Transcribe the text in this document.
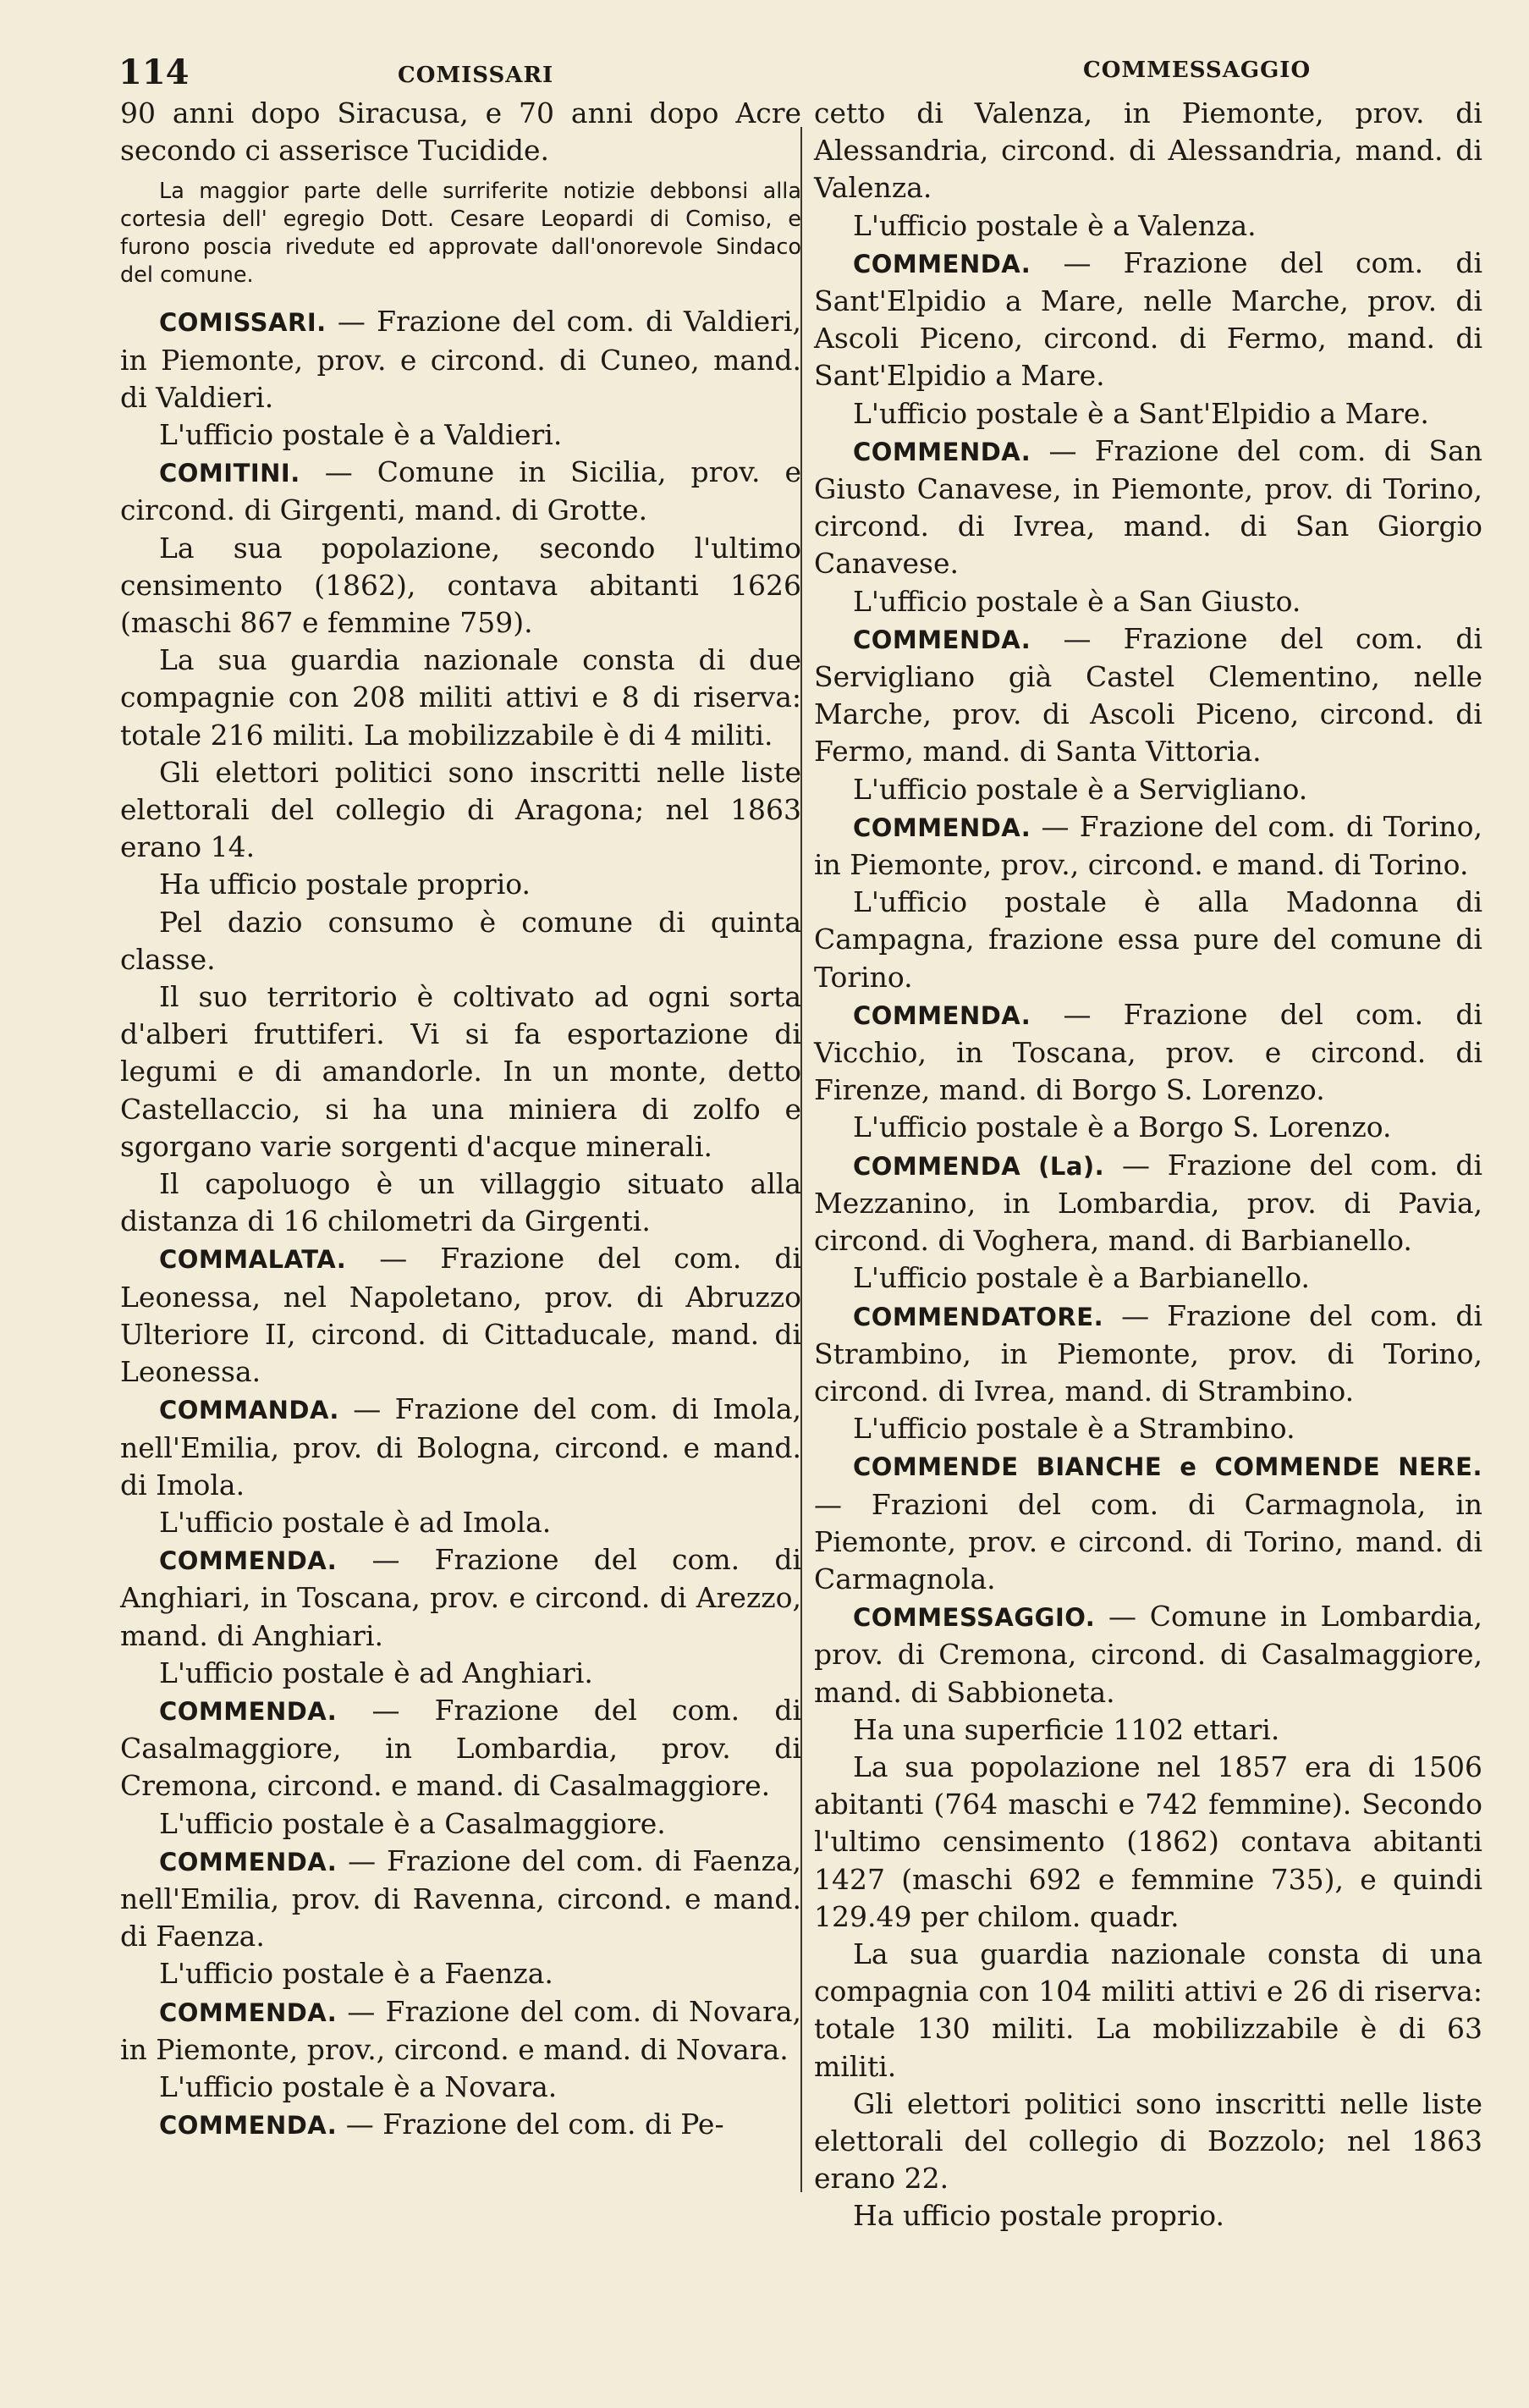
114	COMISSARI	COMMESSAGGIO

90 anni dopo Siracusa, e 70 anni dopo Acre secondo ci asserisce Tucidide.

La maggior parte delle surriferite notizie debbonsi alla cortesia dell' egregio Dott. Cesare Leopardi di Comiso, e furono poscia rivedute ed approvate dall'onorevole Sindaco del comune.

COMISSARI. — Frazione del com. di Valdieri, in Piemonte, prov. e circond. di Cuneo, mand. di Valdieri.

L'ufficio postale è a Valdieri.

COMITINI. — Comune in Sicilia, prov. e circond. di Girgenti, mand. di Grotte.

La sua popolazione, secondo l'ultimo censimento (1862), contava abitanti 1626 (maschi 867 e femmine 759).

La sua guardia nazionale consta di due compagnie con 208 militi attivi e 8 di riserva: totale 216 militi. La mobilizzabile è di 4 militi.

Gli elettori politici sono inscritti nelle liste elettorali del collegio di Aragona; nel 1863 erano 14.

Ha ufficio postale proprio.

Pel dazio consumo è comune di quinta classe.

Il suo territorio è coltivato ad ogni sorta d'alberi fruttiferi. Vi si fa esportazione di legumi e di amandorle. In un monte, detto Castellaccio, si ha una miniera di zolfo e sgorgano varie sorgenti d'acque minerali.

Il capoluogo è un villaggio situato alla distanza di 16 chilometri da Girgenti.

COMMALATA. — Frazione del com. di Leonessa, nel Napoletano, prov. di Abruzzo Ulteriore II, circond. di Cittaducale, mand. di Leonessa.

COMMANDA. — Frazione del com. di Imola, nell'Emilia, prov. di Bologna, circond. e mand. di Imola.

L'ufficio postale è ad Imola.

COMMENDA. — Frazione del com. di Anghiari, in Toscana, prov. e circond. di Arezzo, mand. di Anghiari.

L'ufficio postale è ad Anghiari.

COMMENDA. — Frazione del com. di Casalmaggiore, in Lombardia, prov. di Cremona, circond. e mand. di Casalmaggiore.

L'ufficio postale è a Casalmaggiore.

COMMENDA. — Frazione del com. di Faenza, nell'Emilia, prov. di Ravenna, circond. e mand. di Faenza.

L'ufficio postale è a Faenza.

COMMENDA. — Frazione del com. di Novara, in Piemonte, prov., circond. e mand. di Novara.

L'ufficio postale è a Novara.

COMMENDA. — Frazione del com. di Pe-

cetto di Valenza, in Piemonte, prov. di Alessandria, circond. di Alessandria, mand. di Valenza.

L'ufficio postale è a Valenza.

COMMENDA. — Frazione del com. di Sant'Elpidio a Mare, nelle Marche, prov. di Ascoli Piceno, circond. di Fermo, mand. di Sant'Elpidio a Mare.

L'ufficio postale è a Sant'Elpidio a Mare.

COMMENDA. — Frazione del com. di San Giusto Canavese, in Piemonte, prov. di Torino, circond. di Ivrea, mand. di San Giorgio Canavese.

L'ufficio postale è a San Giusto.

COMMENDA. — Frazione del com. di Servigliano già Castel Clementino, nelle Marche, prov. di Ascoli Piceno, circond. di Fermo, mand. di Santa Vittoria.

L'ufficio postale è a Servigliano.

COMMENDA. — Frazione del com. di Torino, in Piemonte, prov., circond. e mand. di Torino.

L'ufficio postale è alla Madonna di Campagna, frazione essa pure del comune di Torino.

COMMENDA. — Frazione del com. di Vicchio, in Toscana, prov. e circond. di Firenze, mand. di Borgo S. Lorenzo.

L'ufficio postale è a Borgo S. Lorenzo.

COMMENDA (La). — Frazione del com. di Mezzanino, in Lombardia, prov. di Pavia, circond. di Voghera, mand. di Barbianello.

L'ufficio postale è a Barbianello.

COMMENDATORE. — Frazione del com. di Strambino, in Piemonte, prov. di Torino, circond. di Ivrea, mand. di Strambino.

L'ufficio postale è a Strambino.

COMMENDE BIANCHE e COMMENDE NERE. — Frazioni del com. di Carmagnola, in Piemonte, prov. e circond. di Torino, mand. di Carmagnola.

COMMESSAGGIO. — Comune in Lombardia, prov. di Cremona, circond. di Casalmaggiore, mand. di Sabbioneta.

Ha una superficie 1102 ettari.

La sua popolazione nel 1857 era di 1506 abitanti (764 maschi e 742 femmine). Secondo l'ultimo censimento (1862) contava abitanti 1427 (maschi 692 e femmine 735), e quindi 129.49 per chilom. quadr.

La sua guardia nazionale consta di una compagnia con 104 militi attivi e 26 di riserva: totale 130 militi. La mobilizzabile è di 63 militi.

Gli elettori politici sono inscritti nelle liste elettorali del collegio di Bozzolo; nel 1863 erano 22.

Ha ufficio postale proprio.
